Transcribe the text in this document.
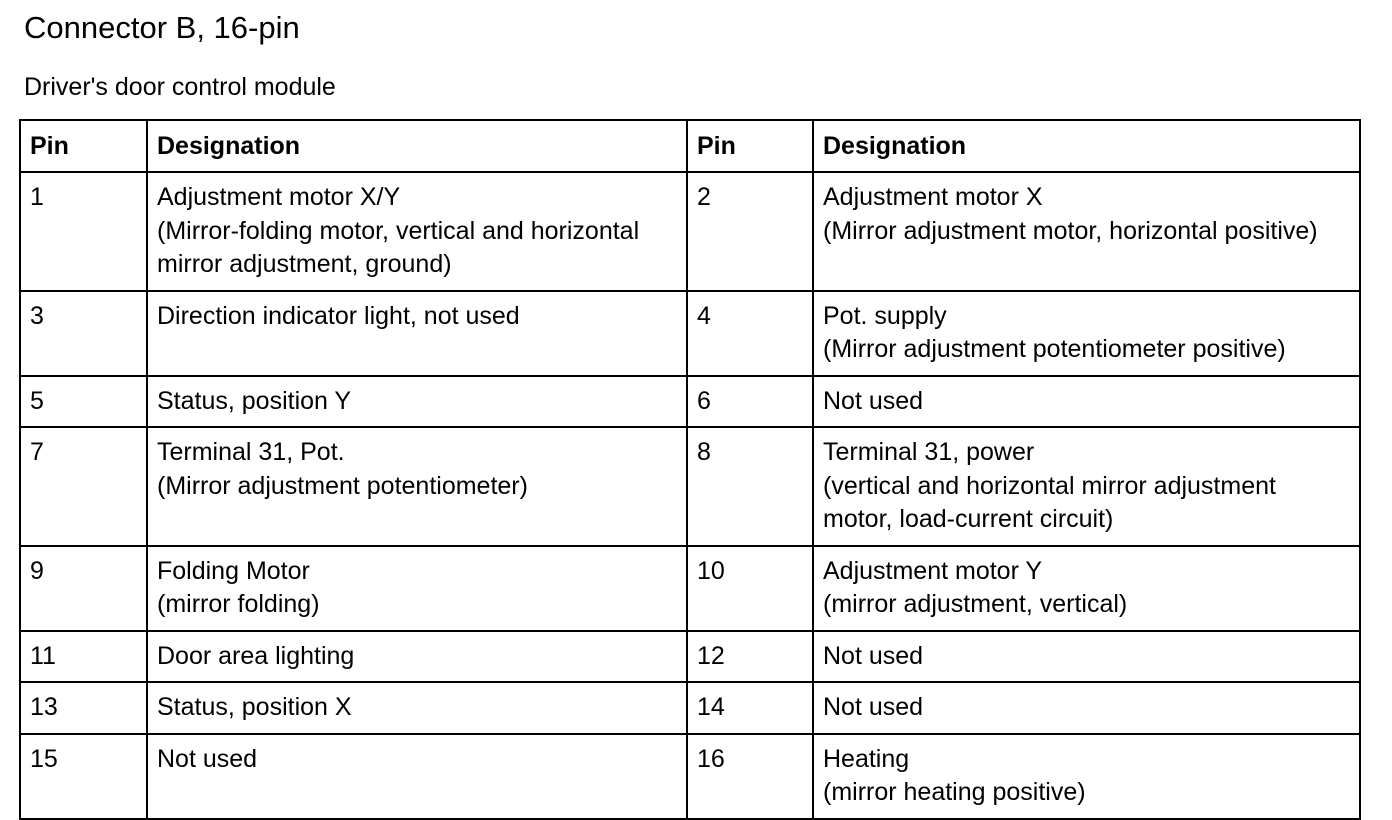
Connector B, 16-pin
Driver's door control module
Pin	Designation	Pin	Designation
1	Adjustment motor X/Y
(Mirror-folding motor, vertical and horizontal
mirror adjustment, ground)	2	Adjustment motor X
(Mirror adjustment motor, horizontal positive)

3	Direction indicator light, not used	4	Pot. supply
(Mirror adjustment potentiometer positive)

5	Status, position Y	6	Not used

7	Terminal 31, Pot.
(Mirror adjustment potentiometer)	8	Terminal 31, power
(vertical and horizontal mirror adjustment
motor, load-current circuit)

9	Folding Motor
(mirror folding)	10	Adjustment motor Y
(mirror adjustment, vertical)

11	Door area lighting	12	Not used

13	Status, position X	14	Not used

15	Not used	16	Heating
(mirror heating positive)
